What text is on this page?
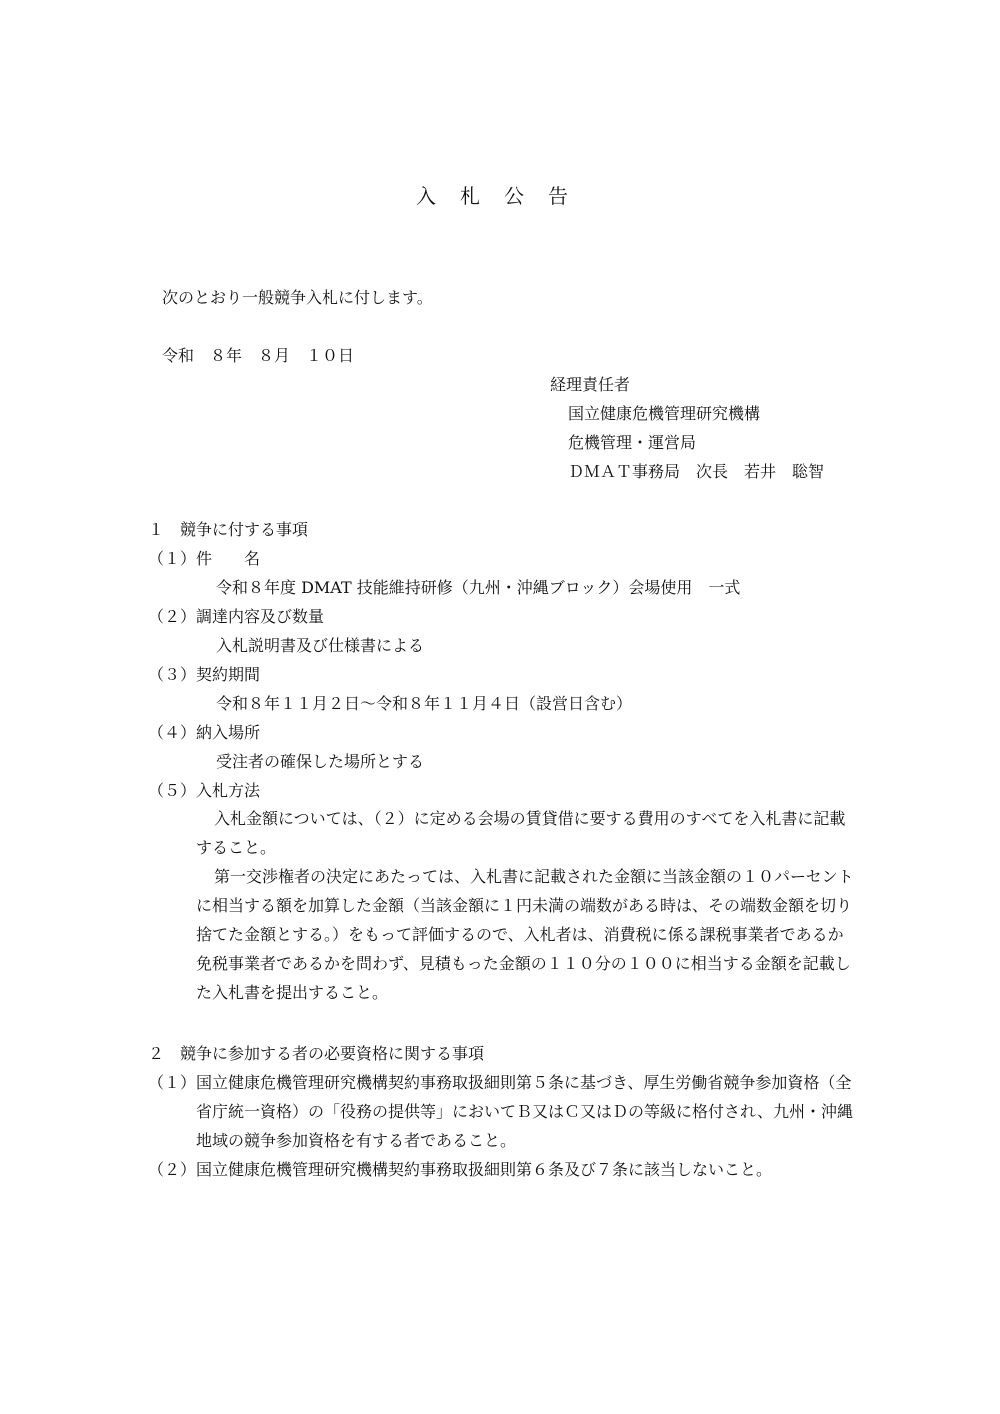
入札公告
次のとおり一般競争入札に付します。
令和　８年　８月　１０日
経理責任者
国立健康危機管理研究機構
危機管理・運営局
ＤＭＡＴ事務局　次長　若井　聡智
１　競争に付する事項
（１）件　　名
令和８年度 DMAT 技能維持研修（九州・沖縄ブロック）会場使用　一式
（２）調達内容及び数量
入札説明書及び仕様書による
（３）契約期間
令和８年１１月２日～令和８年１１月４日（設営日含む）
（４）納入場所
受注者の確保した場所とする
（５）入札方法
入札金額については、（２）に定める会場の賃貸借に要する費用のすべてを入札書に記載すること。
第一交渉権者の決定にあたっては、入札書に記載された金額に当該金額の１０パーセントに相当する額を加算した金額（当該金額に１円未満の端数がある時は、その端数金額を切り捨てた金額とする。）をもって評価するので、入札者は、消費税に係る課税事業者であるか免税事業者であるかを問わず、見積もった金額の１１０分の１００に相当する金額を記載した入札書を提出すること。
２　競争に参加する者の必要資格に関する事項
（１） 国立健康危機管理研究機構契約事務取扱細則第５条に基づき、厚生労働省競争参加資格（全省庁統一資格）の「役務の提供等」においてＢ又はＣ又はＤの等級に格付され、九州・沖縄地域の競争参加資格を有する者であること。
（２） 国立健康危機管理研究機構契約事務取扱細則第６条及び７条に該当しないこと。
